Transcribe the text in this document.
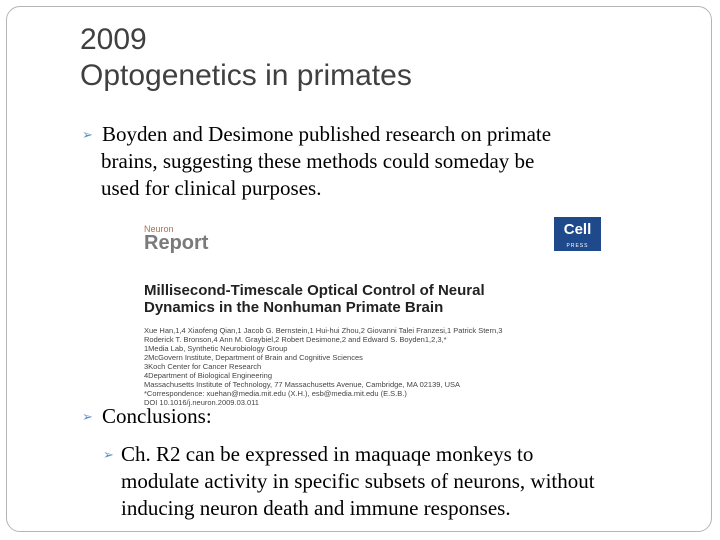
2009
Optogenetics in primates
➢ Boyden and Desimone published research on primate
brains, suggesting these methods could someday be
used for clinical purposes.
Neuron
Report
Cell
PRESS
Millisecond-Timescale Optical Control of Neural
Dynamics in the Nonhuman Primate Brain
Xue Han,1,4 Xiaofeng Qian,1 Jacob G. Bernstein,1 Hui-hui Zhou,2 Giovanni Talei Franzesi,1 Patrick Stern,3
Roderick T. Bronson,4 Ann M. Graybiel,2 Robert Desimone,2 and Edward S. Boyden1,2,3,*
1Media Lab, Synthetic Neurobiology Group
2McGovern Institute, Department of Brain and Cognitive Sciences
3Koch Center for Cancer Research
4Department of Biological Engineering
Massachusetts Institute of Technology, 77 Massachusetts Avenue, Cambridge, MA 02139, USA
*Correspondence: xuehan@media.mit.edu (X.H.), esb@media.mit.edu (E.S.B.)
DOI 10.1016/j.neuron.2009.03.011
➢ Conclusions:
➢ Ch. R2 can be expressed in maquaqe monkeys to
modulate activity in specific subsets of neurons, without
inducing neuron death and immune responses.
